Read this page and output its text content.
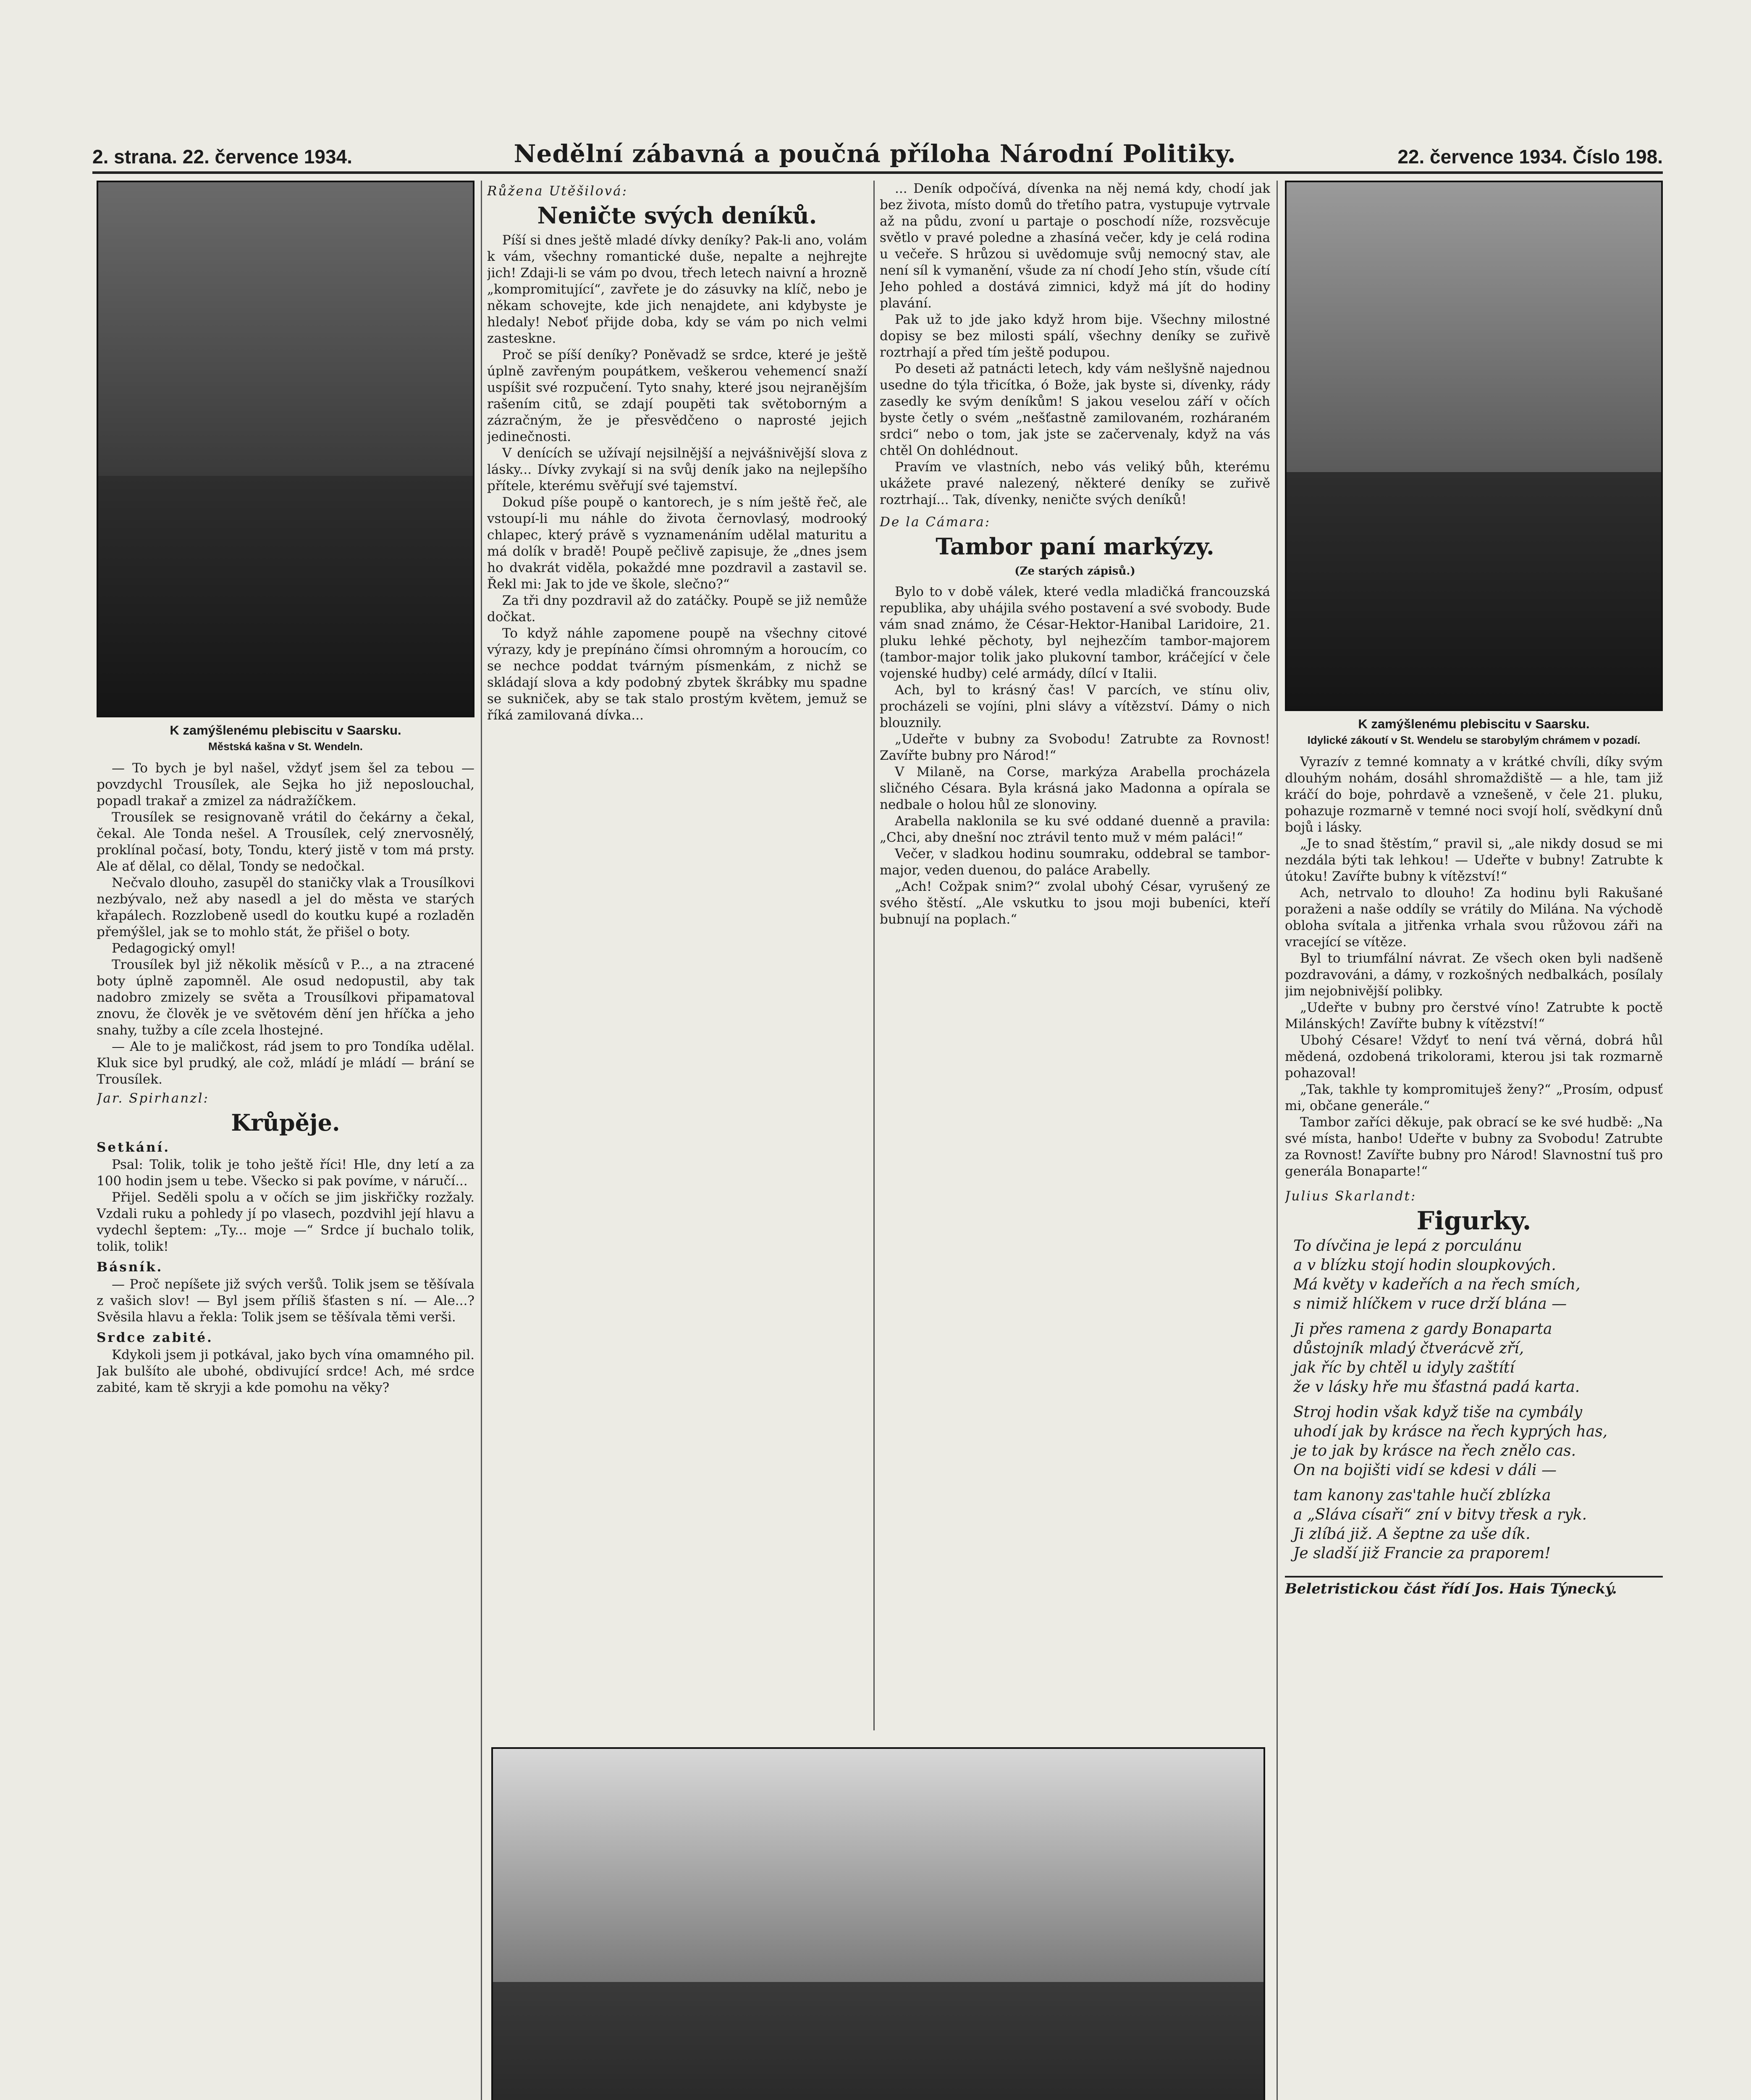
2. strana. 22. července 1934.	Nedělní zábavná a poučná příloha Národní Politiky.	22. července 1934. Číslo 198.
K zamýšlenému plebiscitu v Saarsku.
Městská kašna v St. Wendeln.

— To bych je byl našel, vždyť jsem šel za tebou — povzdychl Trousílek, ale Sejka ho již neposlouchal, popadl trakař a zmizel za nádražíčkem.

Trousílek se resignovaně vrátil do čekárny a čekal, čekal. Ale Tonda nešel. A Trousílek, celý znervosnělý, proklínal počasí, boty, Tondu, který jistě v tom má prsty. Ale ať dělal, co dělal, Tondy se nedočkal.

Nečvalo dlouho, zasupěl do staničky vlak a Trousílkovi nezbývalo, než aby nasedl a jel do města ve starých křapálech. Rozzlobeně usedl do koutku kupé a rozladěn přemýšlel, jak se to mohlo stát, že přišel o boty.

Pedagogický omyl!

Trousílek byl již několik měsíců v P..., a na ztracené boty úplně zapomněl. Ale osud nedopustil, aby tak nadobro zmizely se světa a Trousílkovi připamatoval znovu, že člověk je ve světovém dění jen hříčka a jeho snahy, tužby a cíle zcela lhostejné.

— Ale to je maličkost, rád jsem to pro Tondíka udělal. Kluk sice byl prudký, ale což, mládí je mládí — brání se Trousílek.

Jar. Spirhanzl:
Krůpěje.
Setkání.

Psal: Tolik, tolik je toho ještě říci! Hle, dny letí a za 100 hodin jsem u tebe. Všecko si pak povíme, v náručí...

Přijel. Seděli spolu a v očích se jim jiskřičky rozžaly. Vzdali ruku a pohledy jí po vlasech, pozdvihl její hlavu a vydechl šeptem: „Ty... moje —“ Srdce jí buchalo tolik, tolik, tolik!

Básník.

— Proč nepíšete již svých veršů. Tolik jsem se těšívala z vašich slov! — Byl jsem příliš šťasten s ní. — Ale...? Svěsila hlavu a řekla: Tolik jsem se těšívala těmi verši.

Srdce zabité.

Kdykoli jsem ji potkával, jako bych vína omamného pil. Jak bulšíto ale ubohé, obdivující srdce! Ach, mé srdce zabité, kam tě skryji a kde pomohu na věky?

Růžena Utěšilová:
Neničte svých deníků.

Píší si dnes ještě mladé dívky deníky? Pak-li ano, volám k vám, všechny romantické duše, nepalte a nejhrejte jich! Zdaji-li se vám po dvou, třech letech naivní a hrozně „kompromitující“, zavřete je do zásuvky na klíč, nebo je někam schovejte, kde jich nenajdete, ani kdybyste je hledaly! Neboť přijde doba, kdy se vám po nich velmi zasteskne.

Proč se píší deníky? Poněvadž se srdce, které je ještě úplně zavřeným poupátkem, veškerou vehemencí snaží uspíšit své rozpučení. Tyto snahy, které jsou nejranějším rašením citů, se zdají poupěti tak světoborným a zázračným, že je přesvědčeno o naprosté jejich jedinečnosti.

V denících se užívají nejsilnější a nejvášnivější slova z lásky... Dívky zvykají si na svůj deník jako na nejlepšího přítele, kterému svěřují své tajemství.

Dokud píše poupě o kantorech, je s ním ještě řeč, ale vstoupí-li mu náhle do života černovlasý, modrooký chlapec, který právě s vyznamenáním udělal maturitu a má dolík v bradě! Poupě pečlivě zapisuje, že „dnes jsem ho dvakrát viděla, pokaždé mne pozdravil a zastavil se. Řekl mi: Jak to jde ve škole, slečno?“

Za tři dny pozdravil až do zatáčky. Poupě se již nemůže dočkat.

To když náhle zapomene poupě na všechny citové výrazy, kdy je prepínáno čímsi ohromným a horoucím, co se nechce poddat tvárným písmenkám, z nichž se skládají slova a kdy podobný zbytek škrábky mu spadne se sukniček, aby se tak stalo prostým květem, jemuž se říká zamilovaná dívka...

... Deník odpočívá, dívenka na něj nemá kdy, chodí jak bez života, místo domů do třetího patra, vystupuje vytrvale až na půdu, zvoní u partaje o poschodí níže, rozsvěcuje světlo v pravé poledne a zhasíná večer, kdy je celá rodina u večeře. S hrůzou si uvědomuje svůj nemocný stav, ale není síl k vymanění, všude za ní chodí Jeho stín, všude cítí Jeho pohled a dostává zimnici, když má jít do hodiny plavání.

Pak už to jde jako když hrom bije. Všechny milostné dopisy se bez milosti spálí, všechny deníky se zuřivě roztrhají a před tím ještě podupou.

Po deseti až patnácti letech, kdy vám nešlyšně najednou usedne do týla třicítka, ó Bože, jak byste si, dívenky, rády zasedly ke svým deníkům! S jakou veselou září v očích byste četly o svém „nešťastně zamilovaném, rozháraném srdci“ nebo o tom, jak jste se začervenaly, když na vás chtěl On dohlédnout.

Pravím ve vlastních, nebo vás veliký bůh, kterému ukážete pravé nalezený, některé deníky se zuřivě roztrhají... Tak, dívenky, neničte svých deníků!

De la Cámara:
Tambor paní markýzy.
(Ze starých zápisů.)

Bylo to v době válek, které vedla mladičká francouzská republika, aby uhájila svého postavení a své svobody. Bude vám snad známo, že César-Hektor-Hanibal Laridoire, 21. pluku lehké pěchoty, byl nejhezčím tambor-majorem (tambor-major tolik jako plukovní tambor, kráčející v čele vojenské hudby) celé armády, dílcí v Italii.

Ach, byl to krásný čas! V parcích, ve stínu oliv, procházeli se vojíni, plni slávy a vítězství. Dámy o nich blouznily.

„Udeřte v bubny za Svobodu! Zatrubte za Rovnost! Zavířte bubny pro Národ!“

V Milaně, na Corse, markýza Arabella procházela sličného Césara. Byla krásná jako Madonna a opírala se nedbale o holou hůl ze slonoviny.

Arabella naklonila se ku své oddané duenně a pravila: „Chci, aby dnešní noc ztrávil tento muž v mém paláci!“

Večer, v sladkou hodinu soumraku, oddebral se tambor-major, veden duenou, do paláce Arabelly.

„Ach! Cožpak snim?“ zvolal ubohý César, vyrušený ze svého štěstí. „Ale vskutku to jsou moji bubeníci, kteří bubnují na poplach.“

K zamýšlenému plebiscitu v Saarsku.
Idylické zákoutí v St. Wendelu se starobylým chrámem v pozadí.

Vyrazív z temné komnaty a v krátké chvíli, díky svým dlouhým nohám, dosáhl shromaždiště — a hle, tam již kráčí do boje, pohrdavě a vznešeně, v čele 21. pluku, pohazuje rozmarně v temné noci svojí holí, svědkyní dnů bojů i lásky.

„Je to snad štěstím,“ pravil si, „ale nikdy dosud se mi nezdála býti tak lehkou! — Udeřte v bubny! Zatrubte k útoku! Zavířte bubny k vítězství!“

Ach, netrvalo to dlouho! Za hodinu byli Rakušané poraženi a naše oddíly se vrátily do Milána. Na východě obloha svítala a jitřenka vrhala svou růžovou záři na vracející se vítěze.

Byl to triumfální návrat. Ze všech oken byli nadšeně pozdravováni, a dámy, v rozkošných nedbalkách, posílaly jim nejobnivější polibky.

„Udeřte v bubny pro čerstvé víno! Zatrubte k poctě Milánských! Zavířte bubny k vítězství!“

Ubohý Césare! Vždyť to není tvá věrná, dobrá hůl mědená, ozdobená trikolorami, kterou jsi tak rozmarně pohazoval!

„Tak, takhle ty kompromituješ ženy?“ „Prosím, odpusť mi, občane generále.“

Tambor zaříci děkuje, pak obrací se ke své hudbě: „Na své místa, hanbo! Udeřte v bubny za Svobodu! Zatrubte za Rovnost! Zavířte bubny pro Národ! Slavnostní tuš pro generála Bonaparte!“

Julius Skarlandt:
Figurky.
To dívčina je lepá z porculánu
a v blízku stojí hodin sloupkových.
Má květy v kadeřích a na řech smích,
s nimiž hlíčkem v ruce drží blána —
Ji přes ramena z gardy Bonaparta
důstojník mladý čtverácvě zří,
jak říc by chtěl u idyly zaštítí
že v lásky hře mu šťastná padá karta.
Stroj hodin však když tiše na cymbály
uhodí jak by krásce na řech kyprých has,
je to jak by krásce na řech znělo cas.
On na bojišti vidí se kdesi v dáli —
tam kanony zas'tahle hučí zblízka
a „Sláva císaři“ zní v bitvy třesk a ryk.
Ji zlíbá již. A šeptne za uše dík.
Je sladší již Francie za praporem!
Beletristickou část řídí Jos. Hais Týnecký.
